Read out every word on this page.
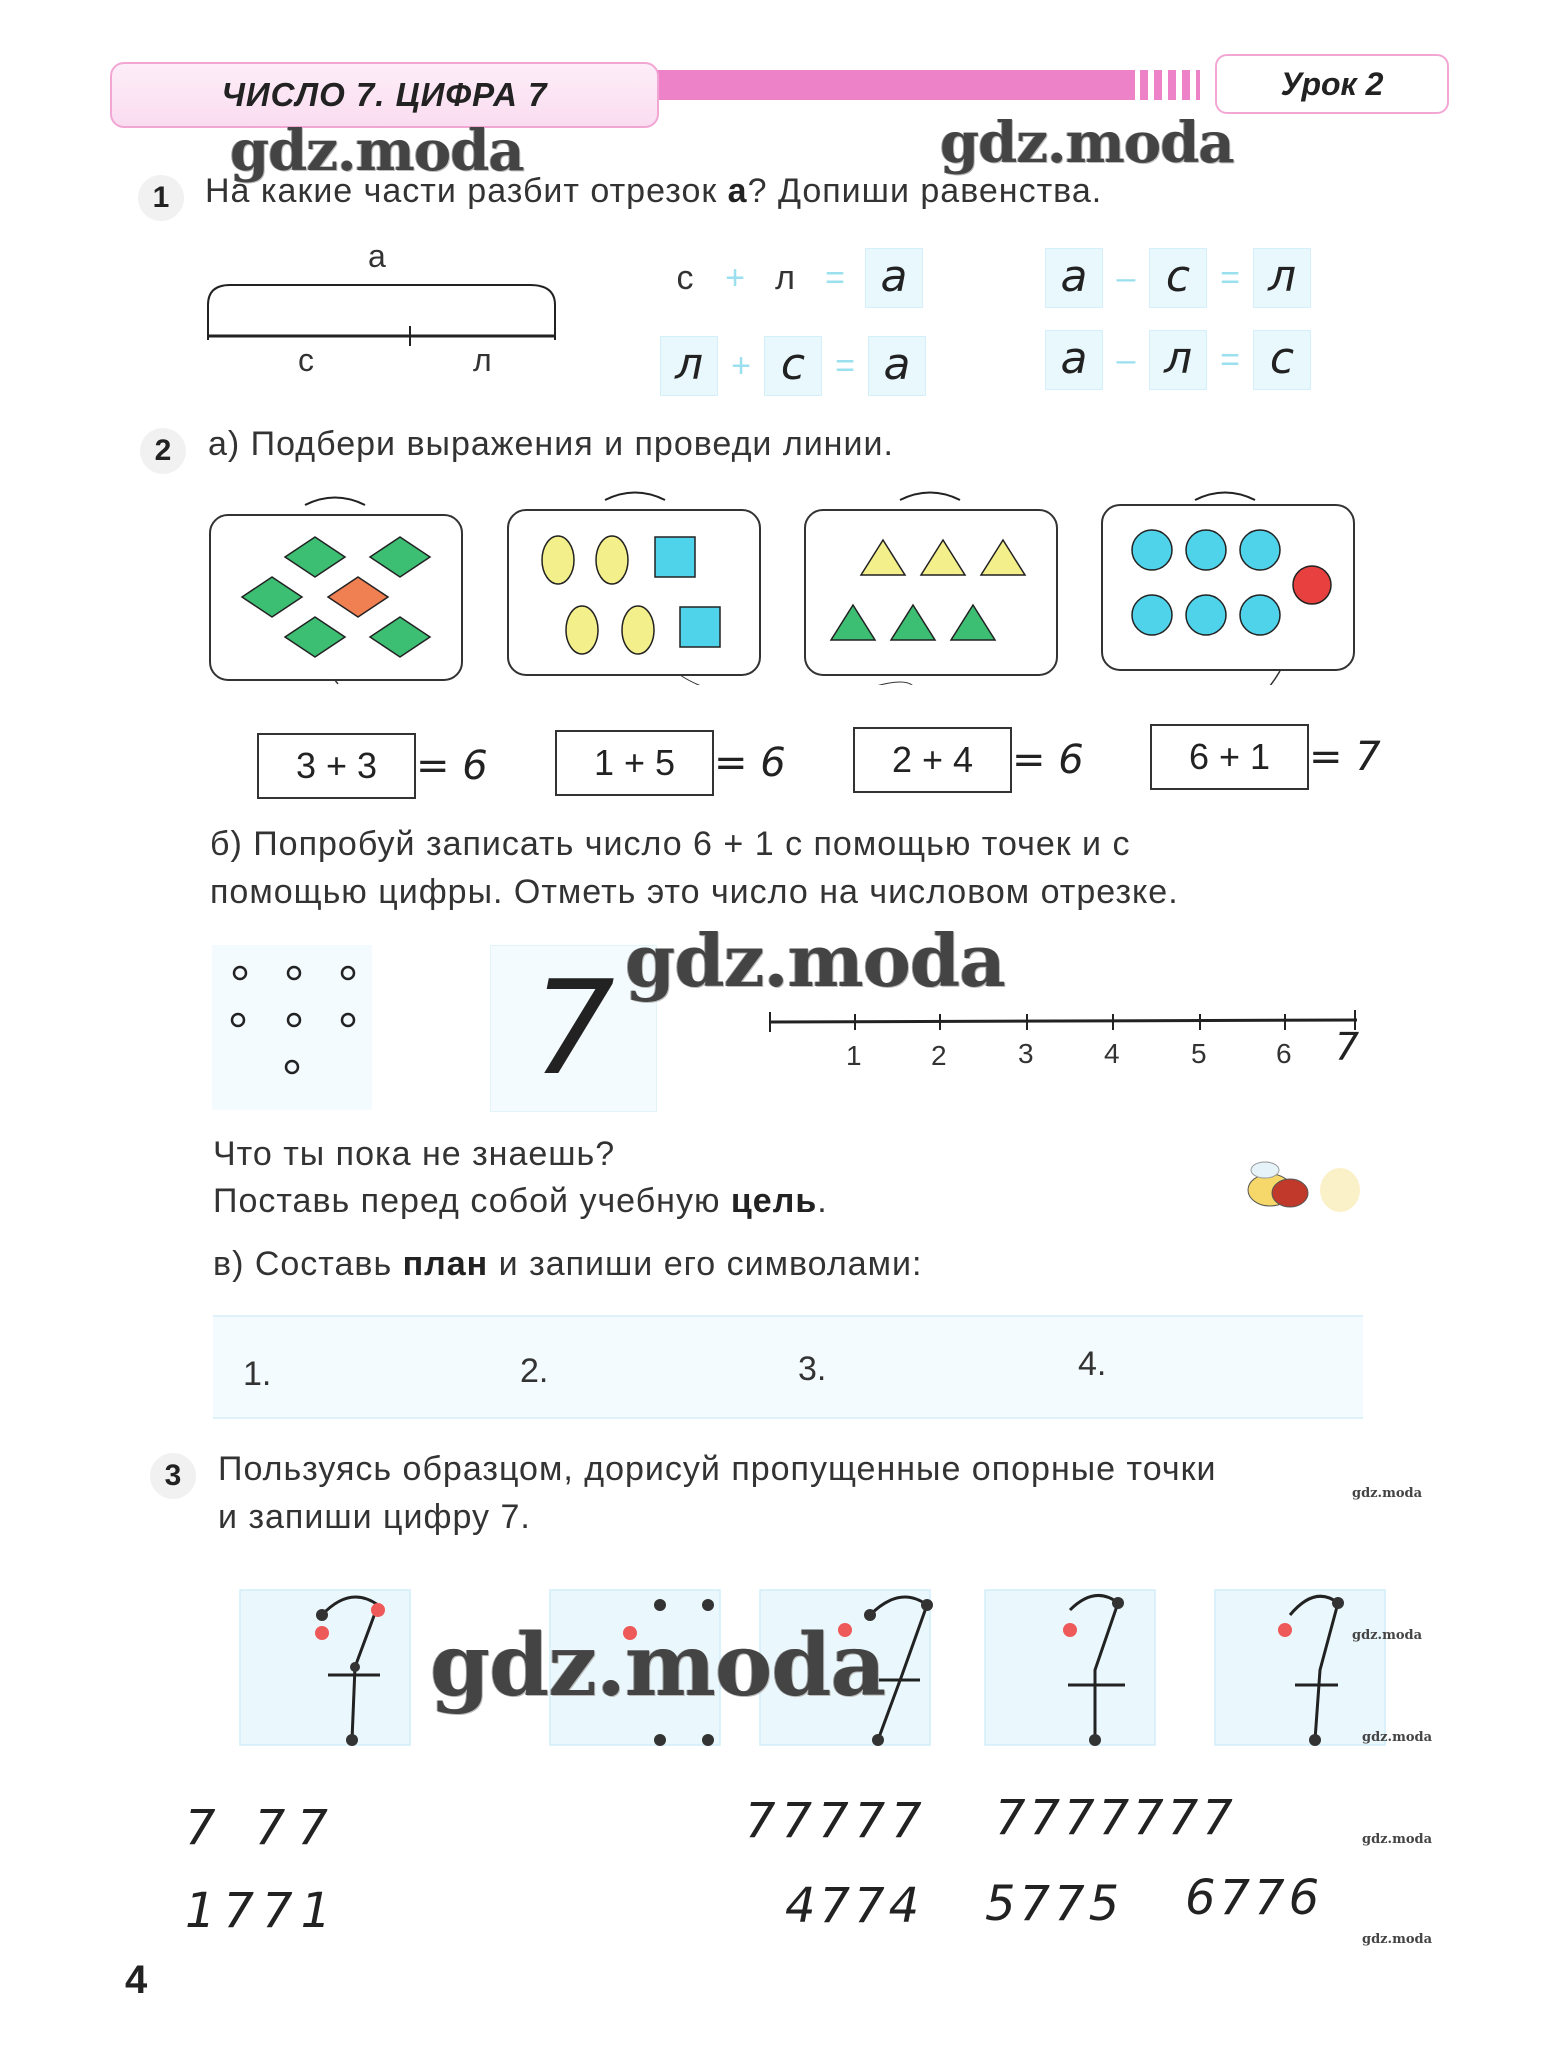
ЧИСЛО 7. ЦИФРА 7	Урок 2
gdz.moda	gdz.moda
1	На какие части разбит отрезок а? Допиши равенства.
а
с	л
с + л = а	а – с = л
л + с = а	а – л = с
2	а) Подбери выражения и проведи линии.
3 + 3 = 6	1 + 5 = 6	2 + 4 = 6	6 + 1 = 7
б) Попробуй записать число 6 + 1 с помощью точек и с
помощью цифры. Отметь это число на числовом отрезке.
7 gdz.moda
1 2	3	4	5 6 7
Что ты пока не знаешь?
Поставь перед собой учебную цель.
в) Составь план и запиши его символами:
1.	2.	3.	4.
3	Пользуясь образцом, дорисуй пропущенные опорные точки
и запиши цифру 7.
gdz.moda
gdz.moda	gdz.moda
gdz.moda
7 77	77777 7777777	gdz.moda
1771	4774 5775 6776
gdz.moda
4
